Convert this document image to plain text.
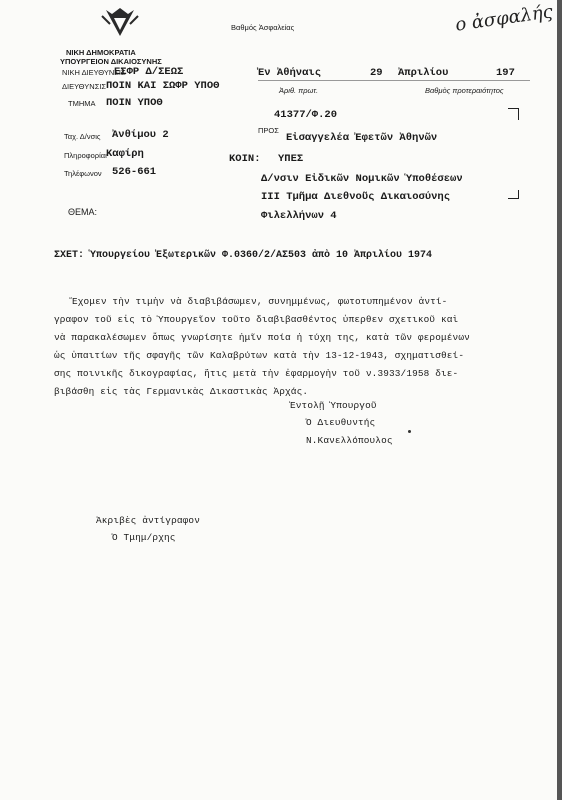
Βαθμός Ἀσφαλείας	ο ἀσφαλής
ΝΙΚΗ ΔΗΜΟΚΡΑΤΙΑ
ΥΠΟΥΡΓΕΙΟΝ ΔΙΚΑΙΟΣΥΝΗΣ
ΝΙΚΗ ΔΙΕΥΘΥΝΣΙΣ
ΕΣΦΡ Δ/ΣΕΩΣ
ΔΙΕΥΘΥΝΣΙΣ ΠΟΙΝ ΚΑΙ ΣΩΦΡ ΥΠΟΘ
ΤΜΗΜΑ ΠΟΙΝ ΥΠΟΘ
Ἐν Ἀθήναις	29 Ἀπριλίου	197
Ἀριθ. πρωτ.	Βαθμὸς προτεραιότητος
41377/Φ.20
Ταχ. Δ/νσις Ἀνθίμου 2
Πληροφορίαι Καφίρη
Τηλέφωνον 526-661
ΠΡΟΣ
Εἰσαγγελέα Ἐφετῶν Ἀθηνῶν
ΚΟΙΝ: ΥΠΕΣ
Δ/νσιν Εἰδικῶν Νομικῶν Ὑποθέσεων
ΙΙΙ Τμῆμα Διεθνοῦς Δικαιοσύνης
Φιλελλήνων 4
ΘΕΜΑ:
ΣΧΕΤ: Ὑπουργείου Ἐξωτερικῶν Φ.0360/2/ΑΣ503 ἀπὸ 10 Ἀπριλίου 1974
Ἔχομεν τὴν τιμὴν νὰ διαβιβάσωμεν, συνημμένως, φωτοτυπημένον ἀντί-
γραφον τοῦ εἰς τὸ Ὑπουργεῖον τοῦτο διαβιβασθέντος ὑπερθεν σχετικοῦ καὶ
νὰ παρακαλέσωμεν ὅπως γνωρίσητε ἡμῖν ποία ἡ τύχη της, κατὰ τῶν φερομένων
ὡς ὑπαιτίων τῆς σφαγῆς τῶν Καλαβρύτων κατὰ τὴν 13-12-1943, σχηματισθεί-
σης ποινικῆς δικογραφίας, ἥτις μετὰ τὴν ἐφαρμογὴν τοῦ ν.3933/1958 διε-
βιβάσθη εἰς τὰς Γερμανικὰς Δικαστικὰς Ἀρχάς.
Ἐντολῇ Ὑπουργοῦ
Ὁ Διευθυντής
Ν.Κανελλόπουλος
Ἀκριβὲς ἀντίγραφον
Ὁ Τμημ/ρχης
